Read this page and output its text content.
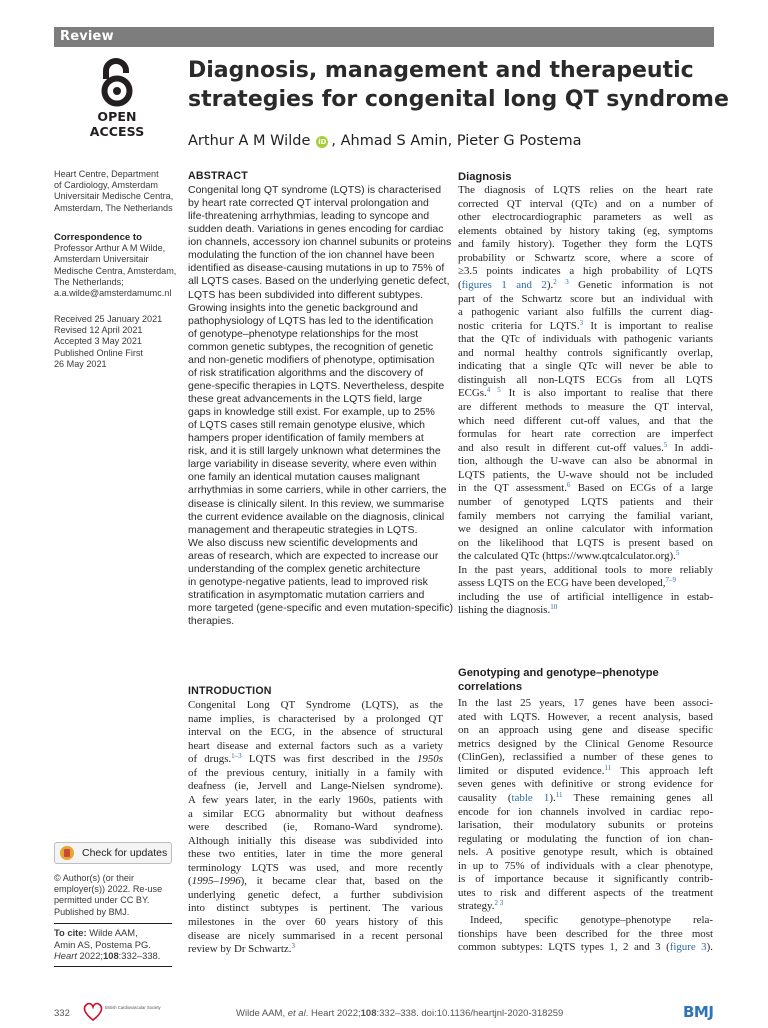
Review
OPEN ACCESS
Diagnosis, management and therapeutic
strategies for congenital long QT syndrome
Arthur A M Wilde iD , Ahmad S Amin, Pieter G Postema
Heart Centre, Department
of Cardiology, Amsterdam
Universitair Medische Centra,
Amsterdam, The Netherlands
Correspondence to
Professor Arthur A M Wilde,
Amsterdam Universitair
Medische Centra, Amsterdam,
The Netherlands;
a.a.wilde@amsterdamumc.nl
Received 25 January 2021
Revised 12 April 2021
Accepted 3 May 2021
Published Online First
26 May 2021
Check for updates
© Author(s) (or their
employer(s)) 2022. Re-use
permitted under CC BY.
Published by BMJ.
To cite: Wilde AAM,
Amin AS, Postema PG.
Heart 2022;108:332–338.
ABSTRACT
Congenital long QT syndrome (LQTS) is characterised
by heart rate corrected QT interval prolongation and
life-threatening arrhythmias, leading to syncope and
sudden death. Variations in genes encoding for cardiac
ion channels, accessory ion channel subunits or proteins
modulating the function of the ion channel have been
identified as disease-causing mutations in up to 75% of
all LQTS cases. Based on the underlying genetic defect,
LQTS has been subdivided into different subtypes.
Growing insights into the genetic background and
pathophysiology of LQTS has led to the identification
of genotype–phenotype relationships for the most
common genetic subtypes, the recognition of genetic
and non-genetic modifiers of phenotype, optimisation
of risk stratification algorithms and the discovery of
gene-specific therapies in LQTS. Nevertheless, despite
these great advancements in the LQTS field, large
gaps in knowledge still exist. For example, up to 25%
of LQTS cases still remain genotype elusive, which
hampers proper identification of family members at
risk, and it is still largely unknown what determines the
large variability in disease severity, where even within
one family an identical mutation causes malignant
arrhythmias in some carriers, while in other carriers, the
disease is clinically silent. In this review, we summarise
the current evidence available on the diagnosis, clinical
management and therapeutic strategies in LQTS.
We also discuss new scientific developments and
areas of research, which are expected to increase our
understanding of the complex genetic architecture
in genotype-negative patients, lead to improved risk
stratification in asymptomatic mutation carriers and
more targeted (gene-specific and even mutation-specific)
therapies.
INTRODUCTION
Congenital Long QT Syndrome (LQTS), as the
name implies, is characterised by a prolonged QT
interval on the ECG, in the absence of structural
heart disease and external factors such as a variety
of drugs.$^{1-3}$ LQTS was first described in the 1950s
of the previous century, initially in a family with
deafness (ie, Jervell and Lange-Nielsen syndrome).
A few years later, in the early 1960s, patients with
a similar ECG abnormality but without deafness
were described (ie, Romano-Ward syndrome).
Although initially this disease was subdivided into
these two entities, later in time the more general
terminology LQTS was used, and more recently
(1995–1996), it became clear that, based on the
underlying genetic defect, a further subdivision
into distinct subtypes is pertinent. The various
milestones in the over 60 years history of this
disease are nicely summarised in a recent personal
review by Dr Schwartz.$^3$
Diagnosis
The diagnosis of LQTS relies on the heart rate
corrected QT interval (QTc) and on a number of
other electrocardiographic parameters as well as
elements obtained by history taking (eg, symptoms
and family history). Together they form the LQTS
probability or Schwartz score, where a score of
≥3.5 points indicates a high probability of LQTS
(figures 1 and 2).$^{2 3}$ Genetic information is not
part of the Schwartz score but an individual with
a pathogenic variant also fulfills the current diag-
nostic criteria for LQTS.$^3$ It is important to realise
that the QTc of individuals with pathogenic variants
and normal healthy controls significantly overlap,
indicating that a single QTc will never be able to
distinguish all non-LQTS ECGs from all LQTS
ECGs.$^{4 5}$ It is also important to realise that there
are different methods to measure the QT interval,
which need different cut-off values, and that the
formulas for heart rate correction are imperfect
and also result in different cut-off values.$^5$ In addi-
tion, although the U-wave can also be abnormal in
LQTS patients, the U-wave should not be included
in the QT assessment.$^6$ Based on ECGs of a large
number of genotyped LQTS patients and their
family members not carrying the familial variant,
we designed an online calculator with information
on the likelihood that LQTS is present based on
the calculated QTc (https://www.qtcalculator.org).$^5$
In the past years, additional tools to more reliably
assess LQTS on the ECG have been developed,$^{7-9}$
including the use of artificial intelligence in estab-
lishing the diagnosis.$^{10}$
Genotyping and genotype–phenotype
correlations
In the last 25 years, 17 genes have been associ-
ated with LQTS. However, a recent analysis, based
on an approach using gene and disease specific
metrics designed by the Clinical Genome Resource
(ClinGen), reclassified a number of these genes to
limited or disputed evidence.$^{11}$ This approach left
seven genes with definitive or strong evidence for
causality (table 1).$^{11}$ These remaining genes all
encode for ion channels involved in cardiac repo-
larisation, their modulatory subunits or proteins
regulating or modulating the function of ion chan-
nels. A positive genotype result, which is obtained
in up to 75% of individuals with a clear phenotype,
is of importance because it significantly contrib-
utes to risk and different aspects of the treatment
strategy.$^{2 3}$
Indeed, specific genotype–phenotype rela-
tionships have been described for the three most
common subtypes: LQTS types 1, 2 and 3 (figure 3).
332
British Cardiovascular Society
Wilde AAM, et al. Heart 2022;108:332–338. doi:10.1136/heartjnl-2020-318259	BMJ
